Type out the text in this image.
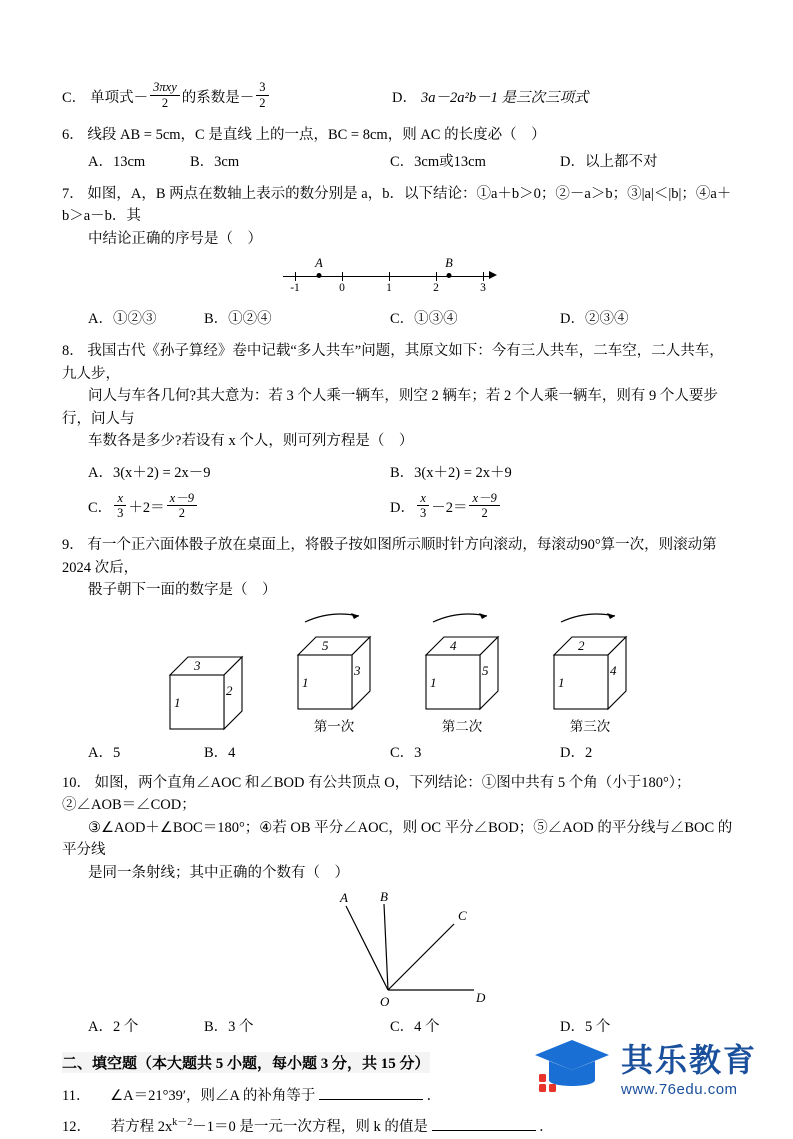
C． 单项式 － $\frac{\text{3πxy}}{2}$ 的系数是 － $\frac{3}{2}$	D． 3a－2a²b－1 是三次三项式
6． 线段 AB = 5cm，C 是直线 上的一点，BC = 8cm，则 AC 的长度必（　）
A．13cm	B．3cm	C．3cm或13cm	D．以上都不对
7． 如图，A，B 两点在数轴上表示的数分别是 a，b．以下结论：①a＋b＞0；②－a＞b；③|a|＜|b|；④a＋b＞a－b．其
中结论正确的序号是（　）
-1	0	1	2	3
A	B
A．①②③	B．①②④	C．①③④	D．②③④
8． 我国古代《孙子算经》卷中记载“多人共车”问题，其原文如下：今有三人共车，二车空，二人共车，九人步，
问人与车各几何?其大意为：若 3 个人乘一辆车，则空 2 辆车；若 2 个人乘一辆车，则有 9 个人要步行，问人与
车数各是多少?若设有 x 个人，则可列方程是（　）
A．3(x＋2) = 2x－9	B．3(x＋2) = 2x＋9
C． $\frac{x}{3} +2= \frac{x-9}{2}$	D． $\frac{x}{3} -2= \frac{x-9}{2}$
9． 有一个正六面体骰子放在桌面上，将骰子按如图所示顺时针方向滚动，每滚动90°算一次，则滚动第 2024 次后，
骰子朝下一面的数字是（　）
3
1
2
5
1
3
第一次
4
1
5
第二次
2
1
4
第三次
A．5	B．4	C．3	D．2
10． 如图，两个直角∠AOC 和∠BOD 有公共顶点 O，下列结论：①图中共有 5 个角（小于180°）；②∠AOB＝∠COD；
③∠AOD＋∠BOC＝180°；④若 OB 平分∠AOC，则 OC 平分∠BOD；⑤∠AOD 的平分线与∠BOC 的平分线
是同一条射线；其中正确的个数有（　）
A B
C
O	D
A．2 个	B．3 个	C．4 个	D．5 个
二、填空题（本大题共 5 小题，每小题 3 分，共 15 分）
11． ∠A＝21°39′，则∠A 的补角等于	．
12． 若方程 $2x^{k-2}-1=0$ 是一元一次方程，则 k 的值是	．
其乐教育
www.76edu.com
